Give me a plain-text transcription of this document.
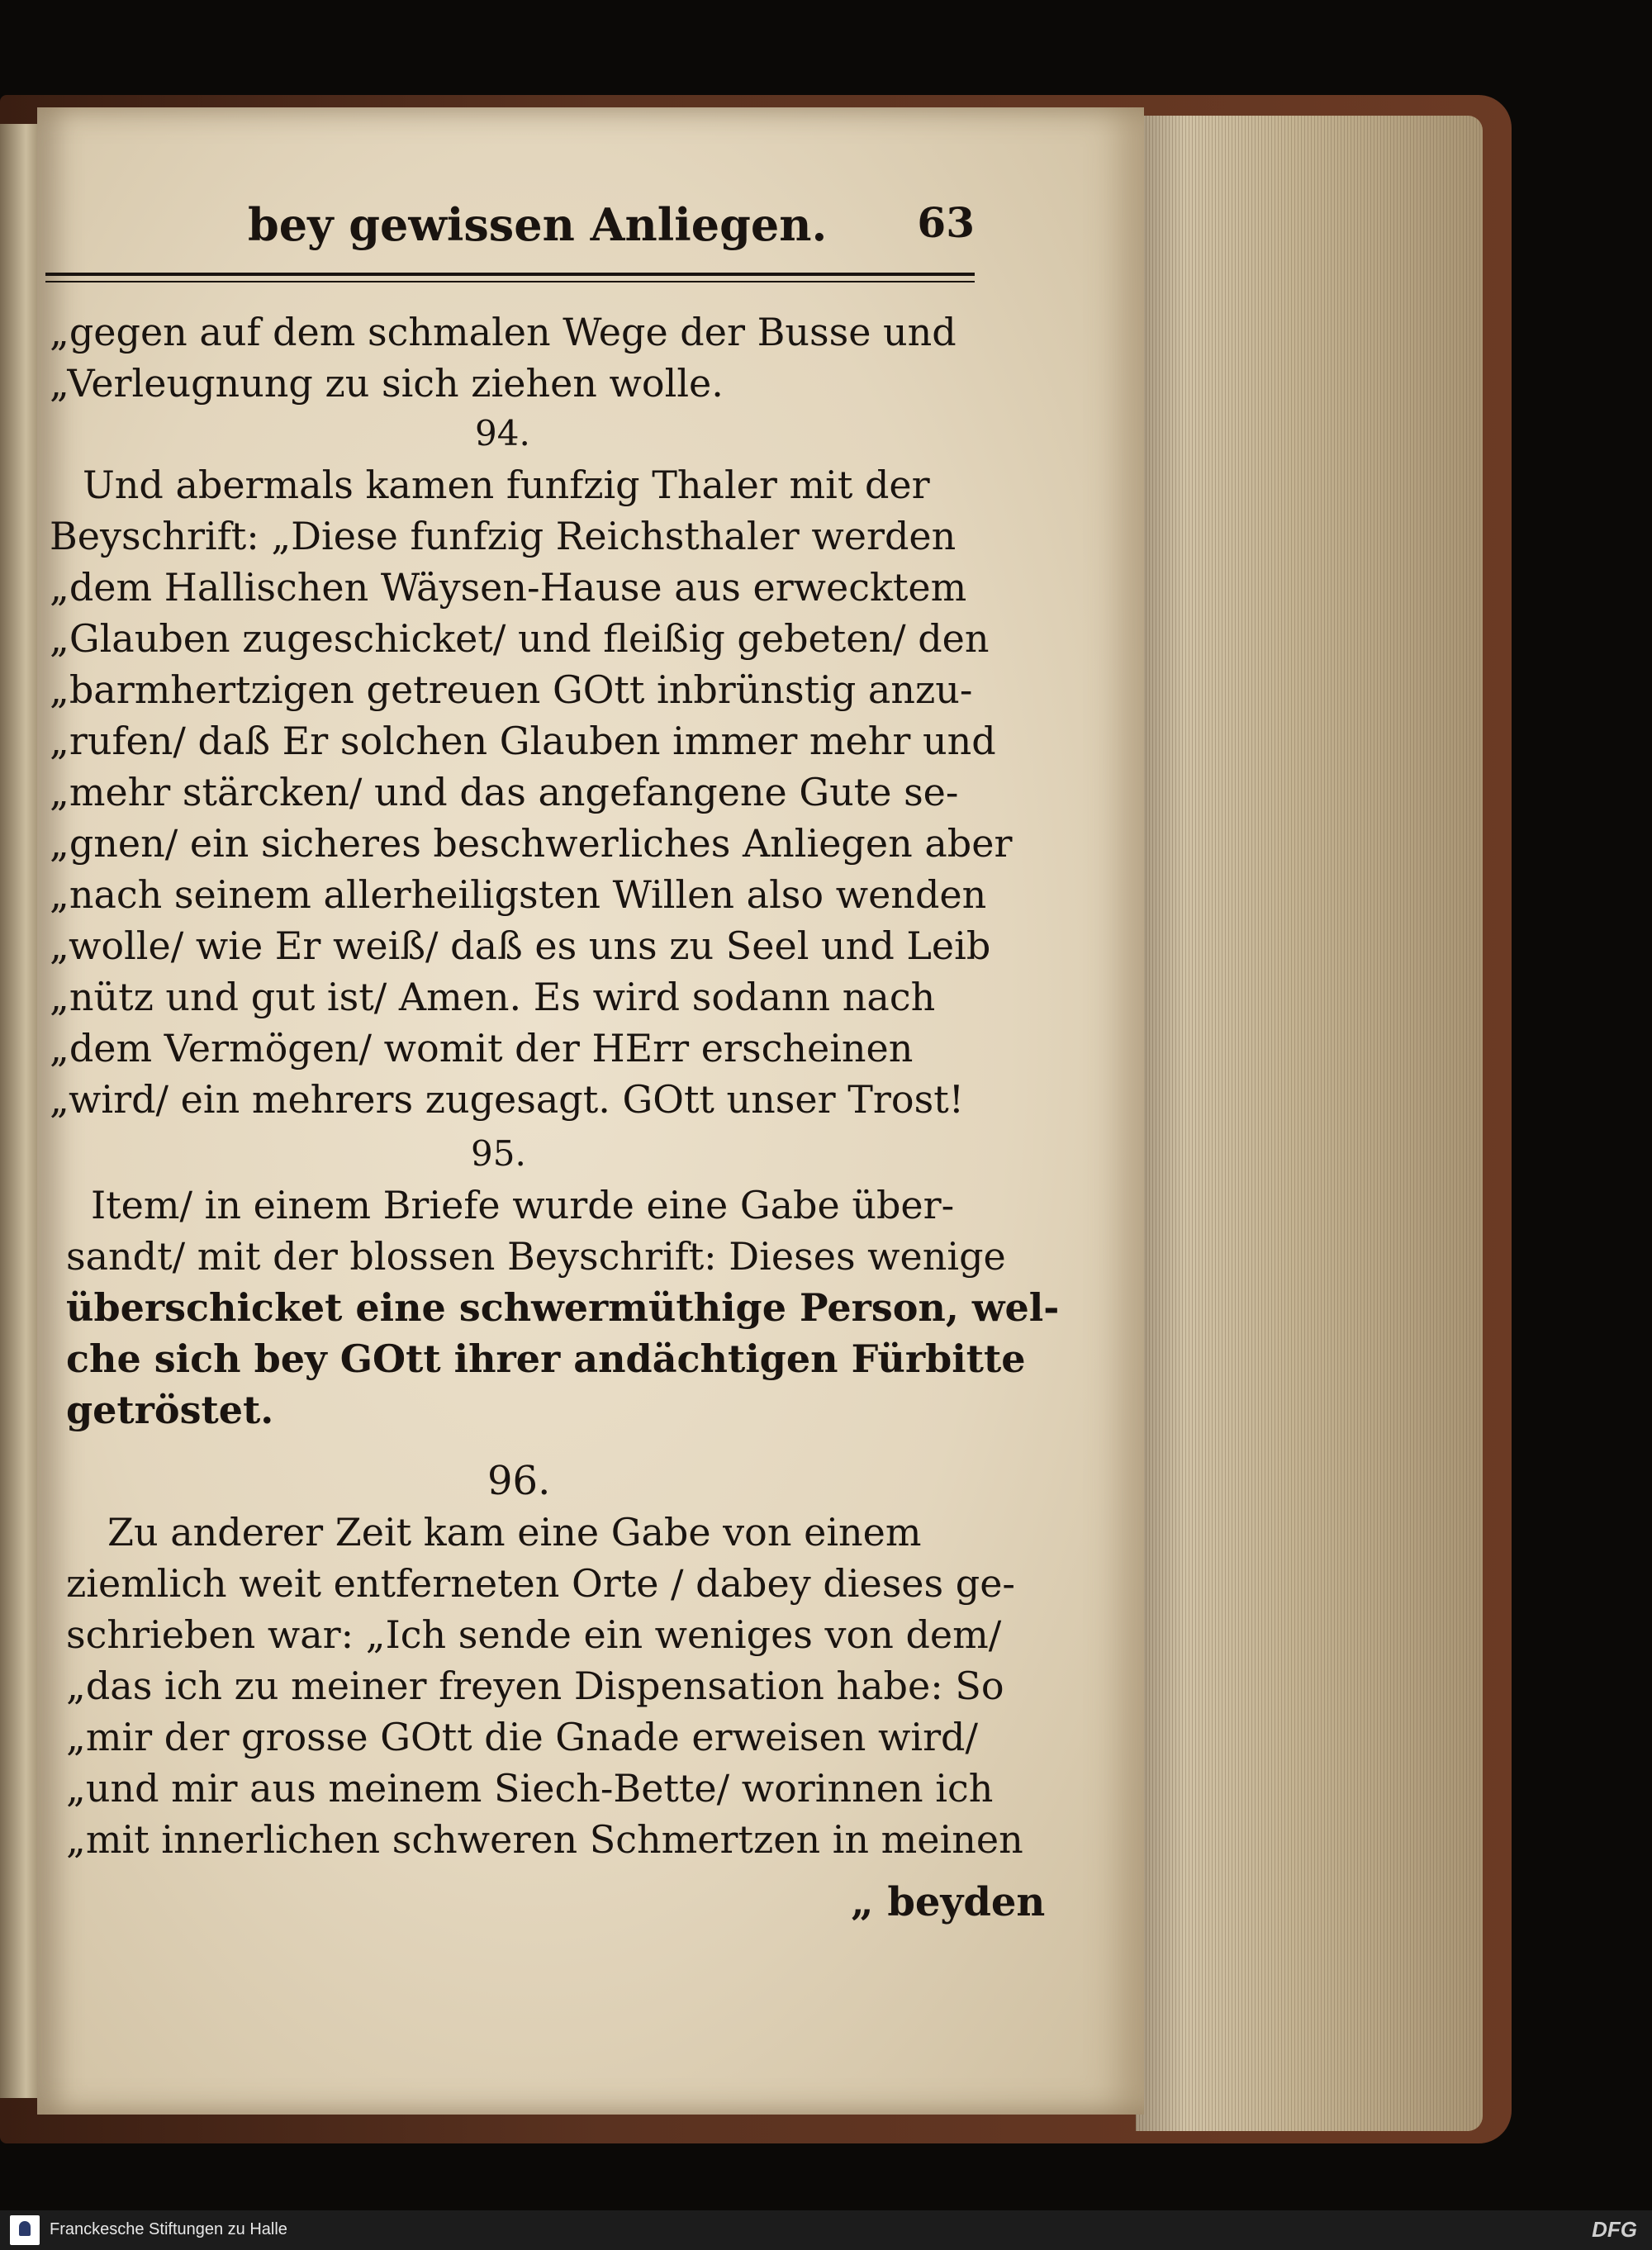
bey gewissen Anliegen. 63
„gegen auf dem schmalen Wege der Busse und
„Verleugnung zu sich ziehen wolle.
94.
Und abermals kamen funfzig Thaler mit der
Beyschrift: „Diese funfzig Reichsthaler werden
„dem Hallischen Wäysen-Hause aus erwecktem
„Glauben zugeschicket/ und fleißig gebeten/ den
„barmhertzigen getreuen GOtt inbrünstig anzu-
„rufen/ daß Er solchen Glauben immer mehr und
„mehr stärcken/ und das angefangene Gute se-
„gnen/ ein sicheres beschwerliches Anliegen aber
„nach seinem allerheiligsten Willen also wenden
„wolle/ wie Er weiß/ daß es uns zu Seel und Leib
„nütz und gut ist/ Amen. Es wird sodann nach
„dem Vermögen/ womit der HErr erscheinen
„wird/ ein mehrers zugesagt. GOtt unser Trost!
95.
Item/ in einem Briefe wurde eine Gabe über-
sandt/ mit der blossen Beyschrift: Dieses wenige
überschicket eine schwermüthige Person, wel-
che sich bey GOtt ihrer andächtigen Fürbitte
getröstet.
96.
Zu anderer Zeit kam eine Gabe von einem
ziemlich weit entferneten Orte / dabey dieses ge-
schrieben war: „Ich sende ein weniges von dem/
„das ich zu meiner freyen Dispensation habe: So
„mir der grosse GOtt die Gnade erweisen wird/
„und mir aus meinem Siech-Bette/ worinnen ich
„mit innerlichen schweren Schmertzen in meinen
„ beyden
Franckesche Stiftungen zu Halle	DFG
